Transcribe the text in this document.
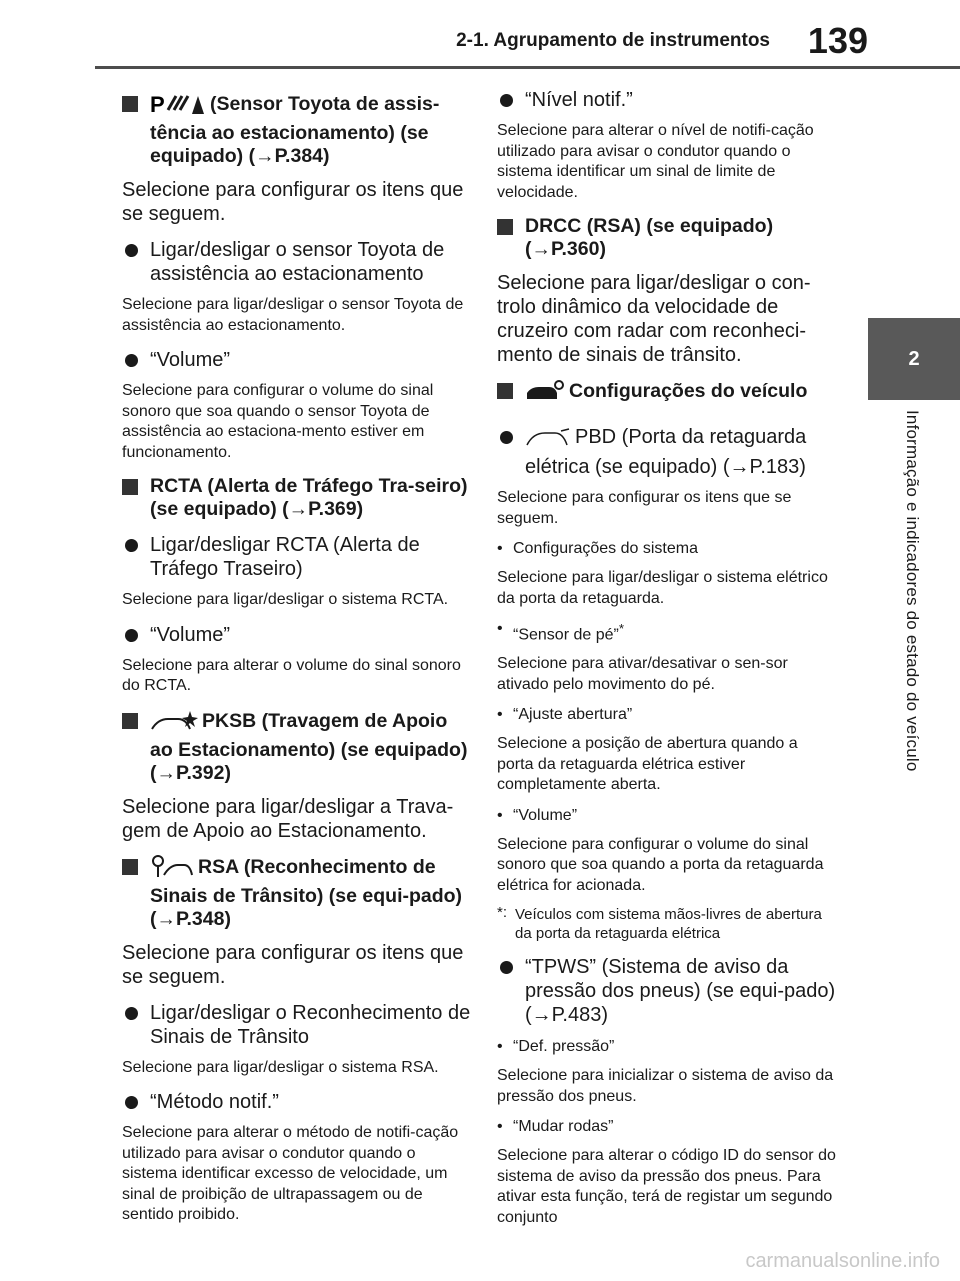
2-1. Agrupamento de instrumentos 139
2
Informação e indicadores do estado do veículo
P (Sensor Toyota de assis-tência ao estacionamento) (se equipado) (→P.384)
Selecione para configurar os itens que se seguem.
Ligar/desligar o sensor Toyota de assistência ao estacionamento
Selecione para ligar/desligar o sensor Toyota de assistência ao estacionamento.
“Volume”
Selecione para configurar o volume do sinal sonoro que soa quando o sensor Toyota de assistência ao estaciona-mento estiver em funcionamento.
RCTA (Alerta de Tráfego Tra-seiro) (se equipado) (→P.369)
Ligar/desligar RCTA (Alerta de Tráfego Traseiro)
Selecione para ligar/desligar o sistema RCTA.
“Volume”
Selecione para alterar o volume do sinal sonoro do RCTA.
PKSB (Travagem de Apoio ao Estacionamento) (se equipado) (→P.392)
Selecione para ligar/desligar a Trava-gem de Apoio ao Estacionamento.
RSA (Reconhecimento de Sinais de Trânsito) (se equi-pado) (→P.348)
Selecione para configurar os itens que se seguem.
Ligar/desligar o Reconhecimento de Sinais de Trânsito
Selecione para ligar/desligar o sistema RSA.
“Método notif.”
Selecione para alterar o método de notifi-cação utilizado para avisar o condutor quando o sistema identificar excesso de velocidade, um sinal de proibição de ultrapassagem ou de sentido proibido.
“Nível notif.”
Selecione para alterar o nível de notifi-cação utilizado para avisar o condutor quando o sistema identificar um sinal de limite de velocidade.
DRCC (RSA) (se equipado) (→P.360)
Selecione para ligar/desligar o con-trolo dinâmico da velocidade de cruzeiro com radar com reconheci-mento de sinais de trânsito.
Configurações do veículo
PBD (Porta da retaguarda elétrica (se equipado) (→P.183)
Selecione para configurar os itens que se seguem.
• Configurações do sistema
Selecione para ligar/desligar o sistema elétrico da porta da retaguarda.
• “Sensor de pé”*
Selecione para ativar/desativar o sen-sor ativado pelo movimento do pé.
• “Ajuste abertura”
Selecione a posição de abertura quando a porta da retaguarda elétrica estiver completamente aberta.
• “Volume”
Selecione para configurar o volume do sinal sonoro que soa quando a porta da retaguarda elétrica for acionada.
*: Veículos com sistema mãos-livres de abertura da porta da retaguarda elétrica
“TPWS” (Sistema de aviso da pressão dos pneus) (se equi-pado) (→P.483)
• “Def. pressão”
Selecione para inicializar o sistema de aviso da pressão dos pneus.
• “Mudar rodas”
Selecione para alterar o código ID do sensor do sistema de aviso da pressão dos pneus. Para ativar esta função, terá de registar um segundo conjunto
carmanualsonline.info
